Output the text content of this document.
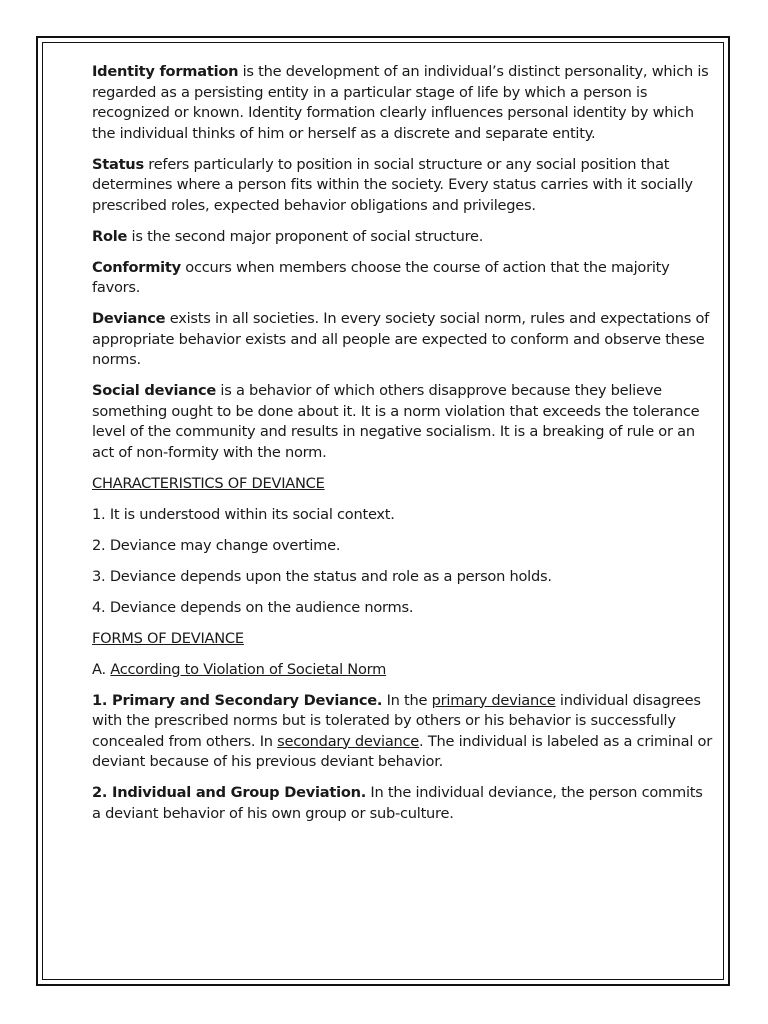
Identity formation is the development of an individual’s distinct personality, which is regarded as a persisting entity in a particular stage of life by which a person is recognized or known. Identity formation clearly influences personal identity by which the individual thinks of him or herself as a discrete and separate entity.

Status refers particularly to position in social structure or any social position that determines where a person fits within the society. Every status carries with it socially prescribed roles, expected behavior obligations and privileges.

Role is the second major proponent of social structure.

Conformity occurs when members choose the course of action that the majority favors.

Deviance exists in all societies. In every society social norm, rules and expectations of appropriate behavior exists and all people are expected to conform and observe these norms.

Social deviance is a behavior of which others disapprove because they believe something ought to be done about it. It is a norm violation that exceeds the tolerance level of the community and results in negative socialism. It is a breaking of rule or an act of non-formity with the norm.

CHARACTERISTICS OF DEVIANCE

1. It is understood within its social context.

2. Deviance may change overtime.

3. Deviance depends upon the status and role as a person holds.

4. Deviance depends on the audience norms.

FORMS OF DEVIANCE

A. According to Violation of Societal Norm

1. Primary and Secondary Deviance. In the primary deviance individual disagrees with the prescribed norms but is tolerated by others or his behavior is successfully concealed from others. In secondary deviance. The individual is labeled as a criminal or deviant because of his previous deviant behavior.

2. Individual and Group Deviation. In the individual deviance, the person commits a deviant behavior of his own group or sub-culture.
